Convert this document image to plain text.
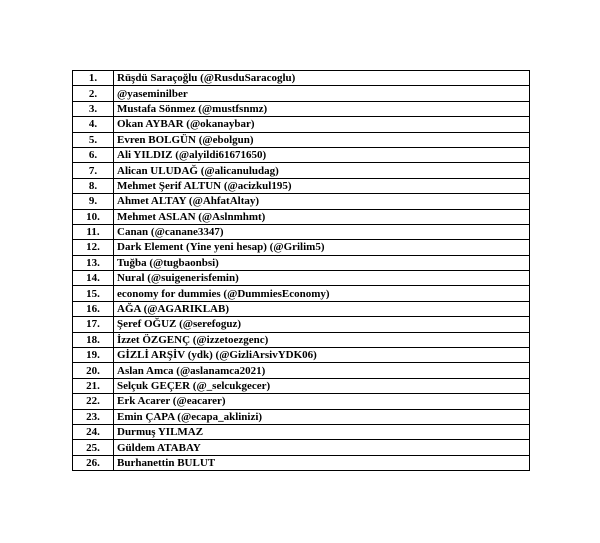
1.	Rüşdü Saraçoğlu (@RusduSaracoglu)
2.	@yaseminilber
3.	Mustafa Sönmez (@mustfsnmz)
4.	Okan AYBAR (@okanaybar)
5.	Evren BOLGÜN (@ebolgun)
6.	Ali YILDIZ (@alyildi61671650)
7.	Alican ULUDAĞ (@alicanuludag)
8.	Mehmet Şerif ALTUN (@acizkul195)
9.	Ahmet ALTAY (@AhfatAltay)
10.	Mehmet ASLAN (@Aslnmhmt)
11.	Canan (@canane3347)
12.	Dark Element (Yine yeni hesap) (@Grilim5)
13.	Tuğba (@tugbaonbsi)
14.	Nural (@suigenerisfemin)
15.	economy for dummies (@DummiesEconomy)
16.	AĞA (@AGARIKLAB)
17.	Şeref OĞUZ (@serefoguz)
18.	İzzet ÖZGENÇ (@izzetoezgenc)
19.	GİZLİ ARŞİV (ydk) (@GizliArsivYDK06)
20.	Aslan Amca (@aslanamca2021)
21.	Selçuk GEÇER (@_selcukgecer)
22.	Erk Acarer (@eacarer)
23.	Emin ÇAPA (@ecapa_aklinizi)
24.	Durmuş YILMAZ
25.	Güldem ATABAY
26.	Burhanettin BULUT
